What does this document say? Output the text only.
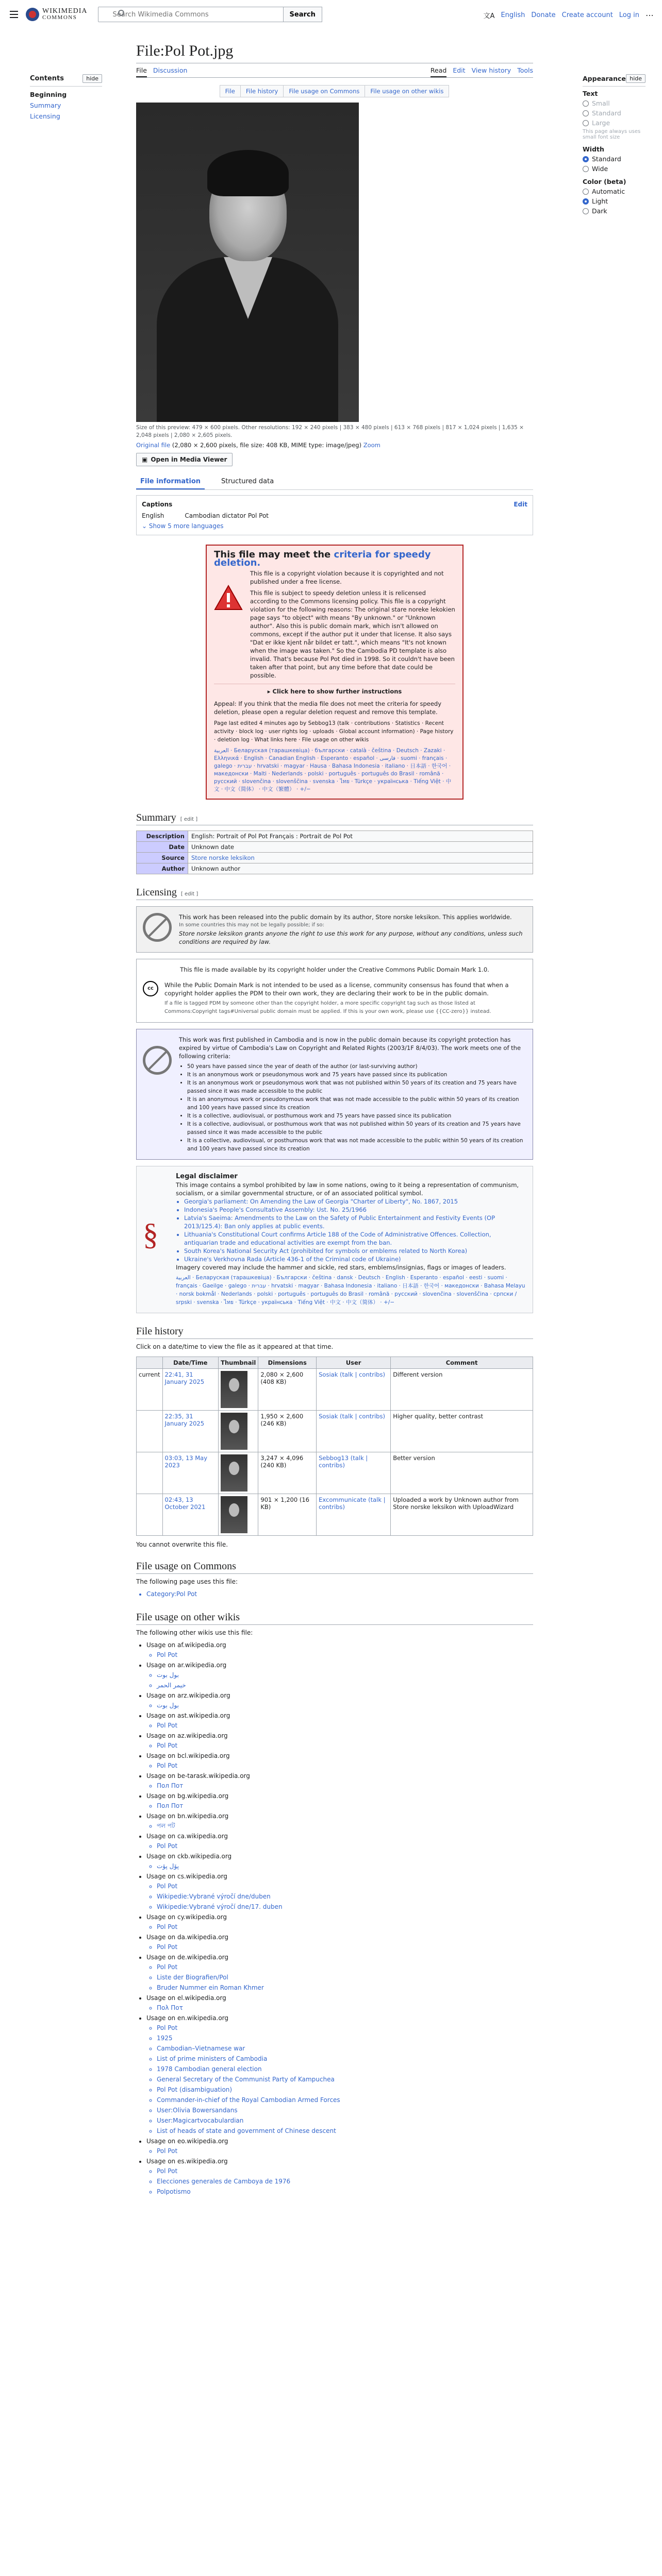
WIKIMEDIA
COMMONS
Search Wikimedia Commons	Search	文A English Donate Create account Log in ⋯
Contents	hide
Beginning
Summary
Licensing
Appearance hide
Text
Small
Standard
Large
This page always uses small font size
Width
Standard
Wide
Color (beta)
Automatic
Light
Dark
File:Pol Pot.jpg
File Discussion	Read Edit View history Tools
File	File history	File usage on Commons	File usage on other wikis
Size of this preview: 479 × 600 pixels. Other resolutions: 192 × 240 pixels | 383 × 480 pixels | 613 × 768 pixels | 817 × 1,024 pixels | 1,635 × 2,048 pixels | 2,080 × 2,605 pixels.
Original file (2,080 × 2,600 pixels, file size: 408 KB, MIME type: image/jpeg) Zoom
▣ Open in Media Viewer
File information	Structured data
Captions	Edit
English	Cambodian dictator Pol Pot
⌄ Show 5 more languages
This file may meet the criteria for speedy deletion.

This file is a copyright violation because it is copyrighted and not published under a free license.

This file is subject to speedy deletion unless it is relicensed according to the Commons licensing policy. This file is a copyright violation for the following reasons: The original stare noreke lekokien page says "to object" with means "By unknown." or "Unknown author". Also this is public domain mark, which isn't allowed on commons, except if the author put it under that license. It also says "Dat er ikke kjent når bildet er tatt.", which means "It's not known when the image was taken." So the Cambodia PD template is also invalid. That's because Pol Pot died in 1998. So it couldn't have been taken after that point, but any time before that date could be possible.

▸ Click here to show further instructions

Appeal: If you think that the media file does not meet the criteria for speedy deletion, please open a regular deletion request and remove this template.

Page last edited 4 minutes ago by Sebbog13 (talk · contributions · Statistics · Recent activity · block log · user rights log · uploads · Global account information) · Page history · deletion log · What links here · File usage on other wikis

العربية · Беларуская (тарашкевіца) · български · català · čeština · Deutsch · Zazaki · Ελληνικά · English · Canadian English · Esperanto · español · فارسی · suomi · français · galego · עברית · hrvatski · magyar · Hausa · Bahasa Indonesia · italiano · 日本語 · 한국어 · македонски · Malti · Nederlands · polski · português · português do Brasil · română · русский · slovenčina · slovenščina · svenska · ไทย · Türkçe · українська · Tiếng Việt · 中文 · 中文（简体） · 中文（繁體） · +/−

Summary [ edit ]
Description	English: Portrait of Pol Pot Français : Portrait de Pol Pot
Date	Unknown date
Source	Store norske leksikon
Author	Unknown author
Licensing [ edit ]

This work has been released into the public domain by its author, Store norske leksikon. This applies worldwide.

In some countries this may not be legally possible; if so:

Store norske leksikon grants anyone the right to use this work for any purpose, without any conditions, unless such conditions are required by law.

This file is made available by its copyright holder under the Creative Commons Public Domain Mark 1.0.

cc	While the Public Domain Mark is not intended to be used as a license, community consensus has found that when a copyright holder applies the PDM to their own work, they are declaring their work to be in the public domain.

If a file is tagged PDM by someone other than the copyright holder, a more specific copyright tag such as those listed at Commons:Copyright tags#Universal public domain must be applied. If this is your own work, please use {{CC-zero}} instead.

This work was first published in Cambodia and is now in the public domain because its copyright protection has expired by virtue of Cambodia's Law on Copyright and Related Rights (2003/1F 8/4/03). The work meets one of the following criteria:

• 50 years have passed since the year of death of the author (or last-surviving author)
• It is an anonymous work or pseudonymous work and 75 years have passed since its publication
• It is an anonymous work or pseudonymous work that was not published within 50 years of its creation and 75 years have passed since it was made accessible to the public
• It is an anonymous work or pseudonymous work that was not made accessible to the public within 50 years of its creation and 100 years have passed since its creation
• It is a collective, audiovisual, or posthumous work and 75 years have passed since its publication
• It is a collective, audiovisual, or posthumous work that was not published within 50 years of its creation and 75 years have passed since it was made accessible to the public
• It is a collective, audiovisual, or posthumous work that was not made accessible to the public within 50 years of its creation and 100 years have passed since its creation
§

Legal disclaimer

This image contains a symbol prohibited by law in some nations, owing to it being a representation of communism, socialism, or a similar governmental structure, or of an associated political symbol.

• Georgia's parliament: On Amending the Law of Georgia "Charter of Liberty", No. 1867, 2015
• Indonesia's People's Consultative Assembly: Ust. No. 25/1966
• Latvia's Saeima: Amendments to the Law on the Safety of Public Entertainment and Festivity Events (OP 2013/125.4): Ban only applies at public events.
• Lithuania's Constitutional Court confirms Article 188 of the Code of Administrative Offences. Collection, antiquarian trade and educational activities are exempt from the ban.
• South Korea's National Security Act (prohibited for symbols or emblems related to North Korea)
• Ukraine's Verkhovna Rada (Article 436-1 of the Criminal code of Ukraine)

Imagery covered may include the hammer and sickle, red stars, emblems/insignias, flags or images of leaders.

العربية · Беларуская (тарашкевіца) · Български · čeština · dansk · Deutsch · English · Esperanto · español · eesti · suomi · français · Gaeilge · galego · עברית · hrvatski · magyar · Bahasa Indonesia · italiano · 日本語 · 한국어 · македонски · Bahasa Melayu · norsk bokmål · Nederlands · polski · português · português do Brasil · română · русский · slovenčina · slovenščina · српски / srpski · svenska · ไทย · Türkçe · українська · Tiếng Việt · 中文 · 中文（简体） · +/−

File history

Click on a date/time to view the file as it appeared at that time.

	Date/Time	Thumbnail	Dimensions	User	Comment
current	22:41, 31 January 2025		2,080 × 2,600 (408 KB)	Sosiak (talk | contribs)	Different version
	22:35, 31 January 2025		1,950 × 2,600 (246 KB)	Sosiak (talk | contribs)	Higher quality, better contrast
	03:03, 13 May 2023		3,247 × 4,096 (240 KB)	Sebbog13 (talk | contribs)	Better version
	02:43, 13 October 2021		901 × 1,200 (16 KB)	Excommunicate (talk | contribs)	Uploaded a work by Unknown author from Store norske leksikon with UploadWizard

You cannot overwrite this file.

File usage on Commons

The following page uses this file:

• Category:Pol Pot
File usage on other wikis

The following other wikis use this file:

• Usage on af.wikipedia.org
◦ Pol Pot
• Usage on ar.wikipedia.org
◦ بول بوت
◦ خيمر الحمر
• Usage on arz.wikipedia.org
◦ بول بوت
• Usage on ast.wikipedia.org
◦ Pol Pot
• Usage on az.wikipedia.org
◦ Pol Pot
• Usage on bcl.wikipedia.org
◦ Pol Pot
• Usage on be-tarask.wikipedia.org
◦ Пол Пот
• Usage on bg.wikipedia.org
◦ Пол Пот
• Usage on bn.wikipedia.org
◦ পল পট
• Usage on ca.wikipedia.org
◦ Pol Pot
• Usage on ckb.wikipedia.org
◦ پۆل پۆت
• Usage on cs.wikipedia.org
◦ Pol Pot
◦ Wikipedie:Vybrané výročí dne/duben
◦ Wikipedie:Vybrané výročí dne/17. duben
• Usage on cy.wikipedia.org
◦ Pol Pot
• Usage on da.wikipedia.org
◦ Pol Pot
• Usage on de.wikipedia.org
◦ Pol Pot
◦ Liste der Biografien/Pol
◦ Bruder Nummer ein Roman Khmer
• Usage on el.wikipedia.org
◦ Πολ Ποτ
• Usage on en.wikipedia.org
◦ Pol Pot
◦ 1925
◦ Cambodian–Vietnamese war
◦ List of prime ministers of Cambodia
◦ 1978 Cambodian general election
◦ General Secretary of the Communist Party of Kampuchea
◦ Pol Pot (disambiguation)
◦ Commander-in-chief of the Royal Cambodian Armed Forces
◦ User:Olivia Bowersandans
◦ User:Magicartvocabulardian
◦ List of heads of state and government of Chinese descent
• Usage on eo.wikipedia.org
◦ Pol Pot
• Usage on es.wikipedia.org
◦ Pol Pot
◦ Elecciones generales de Camboya de 1976
◦ Polpotismo
